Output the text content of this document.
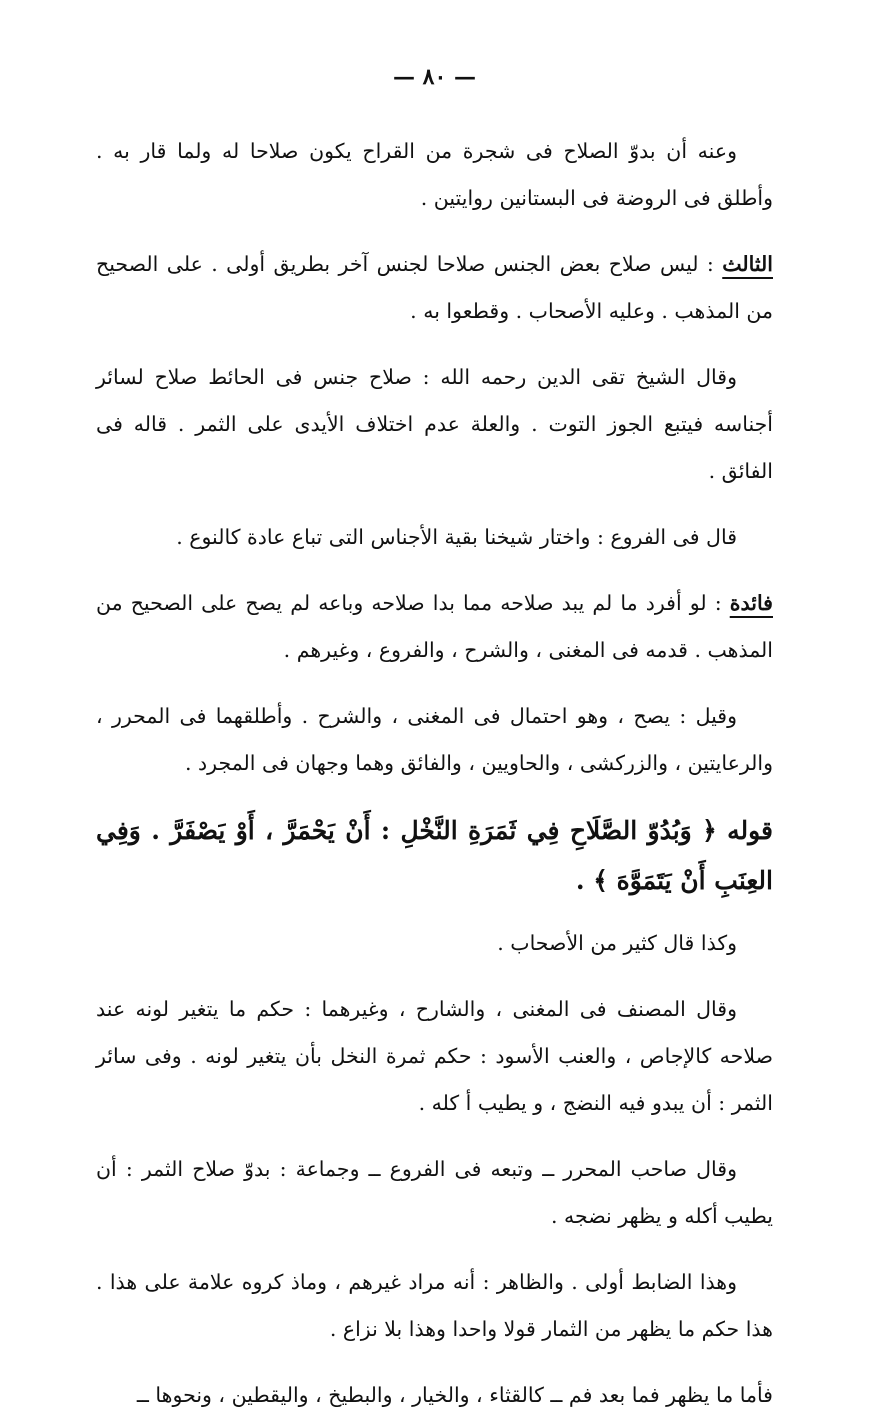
— ٨٠ —

وعنه أن بدوّ الصلاح فى شجرة من القراح يكون صلاحا له ولما قار به . وأطلق فى الروضة فى البستانين روايتين .

الثالث : ليس صلاح بعض الجنس صلاحا لجنس آخر بطريق أولى . على الصحيح من المذهب . وعليه الأصحاب . وقطعوا به .

وقال الشيخ تقى الدين رحمه الله : صلاح جنس فى الحائط صلاح لسائر أجناسه فيتبع الجوز التوت . والعلة عدم اختلاف الأيدى على الثمر . قاله فى الفائق .

قال فى الفروع : واختار شيخنا بقية الأجناس التى تباع عادة كالنوع .

فائدة : لو أفرد ما لم يبد صلاحه مما بدا صلاحه وباعه لم يصح على الصحيح من المذهب . قدمه فى المغنى ، والشرح ، والفروع ، وغيرهم .

وقيل : يصح ، وهو احتمال فى المغنى ، والشرح . وأطلقهما فى المحرر ، والرعايتين ، والزركشى ، والحاويين ، والفائق وهما وجهان فى المجرد .

قوله ﴿ وَبُدُوّ الصَّلَاحِ فِي ثَمَرَةِ النَّخْلِ : أَنْ يَحْمَرَّ ، أَوْ يَصْفَرَّ . وَفِي العِنَبِ أَنْ يَتَمَوَّهَ ﴾ .

وكذا قال كثير من الأصحاب .

وقال المصنف فى المغنى ، والشارح ، وغيرهما : حكم ما يتغير لونه عند صلاحه كالإجاص ، والعنب الأسود : حكم ثمرة النخل بأن يتغير لونه . وفى سائر الثمر : أن يبدو فيه النضج ، و يطيب أ كله .

وقال صاحب المحرر ــ وتبعه فى الفروع ــ وجماعة : بدوّ صلاح الثمر : أن يطيب أكله و يظهر نضجه .

وهذا الضابط أولى . والظاهر : أنه مراد غيرهم ، وماذ كروه علامة على هذا . هذا حكم ما يظهر من الثمار قولا واحدا وهذا بلا نزاع .

فأما ما يظهر فما بعد فم ــ كالقثاء ، والخيار ، والبطيخ ، واليقطين ، ونحوها ــ
